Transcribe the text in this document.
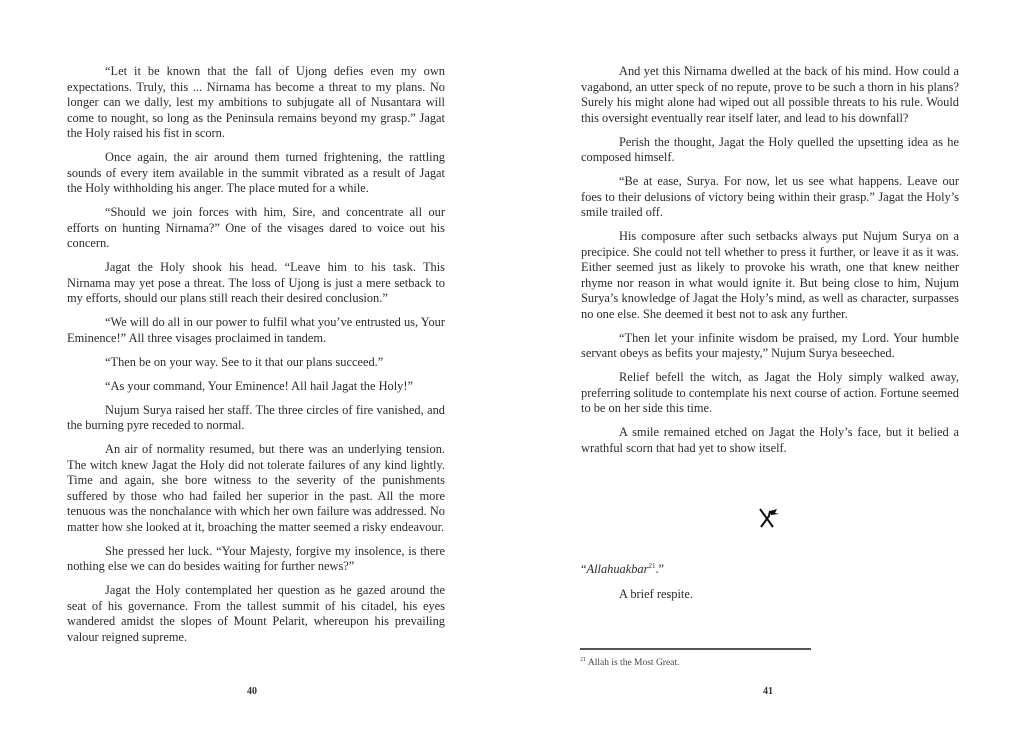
“Let it be known that the fall of Ujong defies even my own expectations. Truly, this ... Nirnama has become a threat to my plans. No longer can we dally, lest my ambitions to subjugate all of Nusantara will come to nought, so long as the Peninsula remains beyond my grasp.” Jagat the Holy raised his fist in scorn.

Once again, the air around them turned frightening, the rattling sounds of every item available in the summit vibrated as a result of Jagat the Holy withholding his anger. The place muted for a while.

“Should we join forces with him, Sire, and concentrate all our efforts on hunting Nirnama?” One of the visages dared to voice out his concern.

Jagat the Holy shook his head. “Leave him to his task. This Nirnama may yet pose a threat. The loss of Ujong is just a mere setback to my efforts, should our plans still reach their desired conclusion.”

“We will do all in our power to fulfil what you’ve entrusted us, Your Eminence!” All three visages proclaimed in tandem.

“Then be on your way. See to it that our plans succeed.”

“As your command, Your Eminence! All hail Jagat the Holy!”

Nujum Surya raised her staff. The three circles of fire vanished, and the burning pyre receded to normal.

An air of normality resumed, but there was an underlying tension. The witch knew Jagat the Holy did not tolerate failures of any kind lightly. Time and again, she bore witness to the severity of the punishments suffered by those who had failed her superior in the past. All the more tenuous was the nonchalance with which her own failure was addressed. No matter how she looked at it, broaching the matter seemed a risky endeavour.

She pressed her luck. “Your Majesty, forgive my insolence, is there nothing else we can do besides waiting for further news?”

Jagat the Holy contemplated her question as he gazed around the seat of his governance. From the tallest summit of his citadel, his eyes wandered amidst the slopes of Mount Pelarit, whereupon his prevailing valour reigned supreme.

40

And yet this Nirnama dwelled at the back of his mind. How could a vagabond, an utter speck of no repute, prove to be such a thorn in his plans? Surely his might alone had wiped out all possible threats to his rule. Would this oversight eventually rear itself later, and lead to his downfall?

Perish the thought, Jagat the Holy quelled the upsetting idea as he composed himself.

“Be at ease, Surya. For now, let us see what happens. Leave our foes to their delusions of victory being within their grasp.” Jagat the Holy’s smile trailed off.

His composure after such setbacks always put Nujum Surya on a precipice. She could not tell whether to press it further, or leave it as it was. Either seemed just as likely to provoke his wrath, one that knew neither rhyme nor reason in what would ignite it. But being close to him, Nujum Surya’s knowledge of Jagat the Holy’s mind, as well as character, surpasses no one else. She deemed it best not to ask any further.

“Then let your infinite wisdom be praised, my Lord. Your humble servant obeys as befits your majesty,” Nujum Surya beseeched.

Relief befell the witch, as Jagat the Holy simply walked away, preferring solitude to contemplate his next course of action. Fortune seemed to be on her side this time.

A smile remained etched on Jagat the Holy’s face, but it belied a wrathful scorn that had yet to show itself.

“Allahuakbar$^{21}$.”

A brief respite.

$^{21}$ Allah is the Most Great.
41
